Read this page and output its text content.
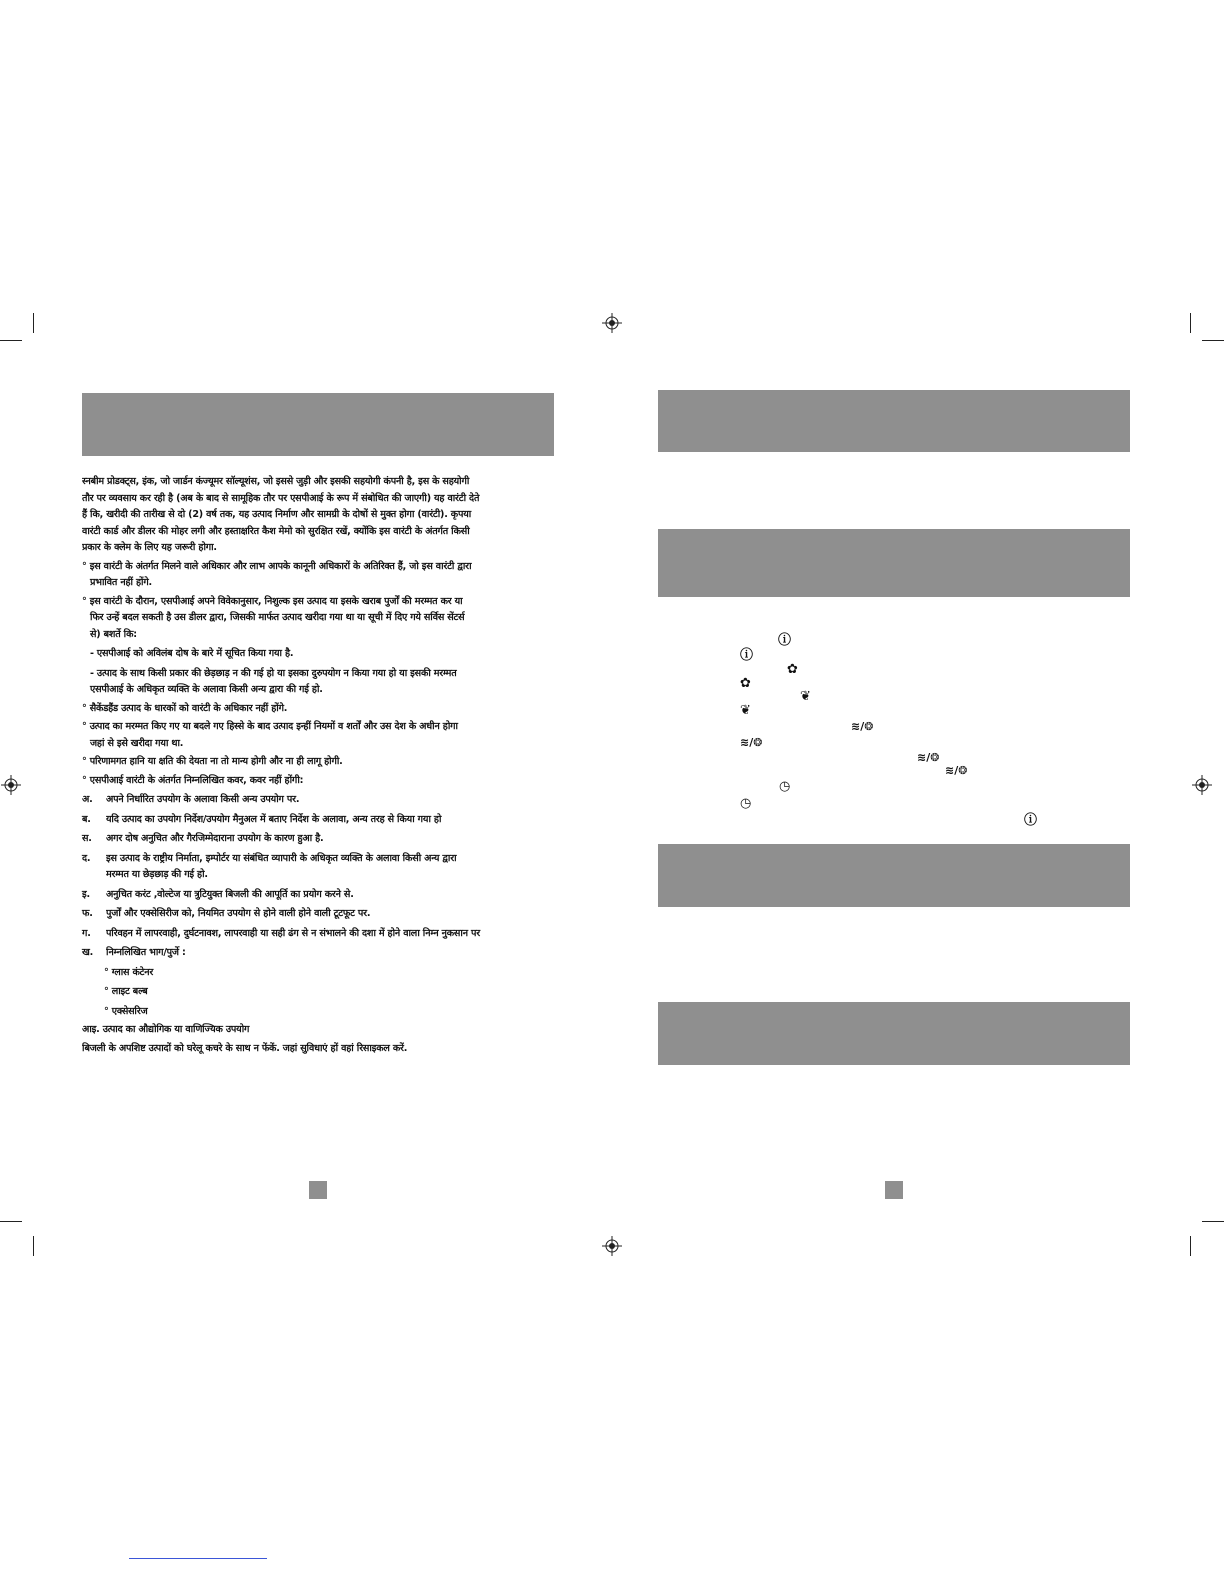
स्नबीम प्रोडक्ट्स, इंक, जो जार्डन कंज्यूमर सॉल्यूशंस, जो इससे जुड़ी और इसकी सहयोगी कंपनी है, इस के सहयोगी

तौर पर व्यवसाय कर रही है (अब के बाद से सामूहिक तौर पर एसपीआई के रूप में संबोधित की जाएगी) यह वारंटी देते

हैं कि, खरीदी की तारीख से दो (2) वर्ष तक, यह उत्पाद निर्माण और सामग्री के दोषों से मुक्त होगा (वारंटी). कृपया

वारंटी कार्ड और डीलर की मोहर लगी और हस्ताक्षरित कैश मेमो को सुरक्षित रखें, क्योंकि इस वारंटी के अंतर्गत किसी

प्रकार के क्लेम के लिए यह जरूरी होगा.

° इस वारंटी के अंतर्गत मिलने वाले अधिकार और लाभ आपके कानूनी अधिकारों के अतिरिक्त हैं, जो इस वारंटी द्वारा

प्रभावित नहीं होंगे.

° इस वारंटी के दौरान, एसपीआई अपने विवेकानुसार, निशुल्क इस उत्पाद या इसके खराब पुर्जों की मरम्मत कर या

फिर उन्हें बदल सकती है उस डीलर द्वारा, जिसकी मार्फत उत्पाद खरीदा गया था या सूची में दिए गये सर्विस सेंटर्स

से) बशर्ते कि:

- एसपीआई को अविलंब दोष के बारे में सूचित किया गया है.

- उत्पाद के साथ किसी प्रकार की छेड़छाड़ न की गई हो या इसका दुरुपयोग न किया गया हो या इसकी मरम्मत

एसपीआई के अधिकृत व्यक्ति के अलावा किसी अन्य द्वारा की गई हो.

° सैकेंडहैंड उत्पाद के धारकों को वारंटी के अधिकार नहीं होंगे.

° उत्पाद का मरम्मत किए गए या बदले गए हिस्से के बाद उत्पाद इन्हीं नियमों व शर्तों और उस देश के अधीन होगा

जहां से इसे खरीदा गया था.

° परिणामगत हानि या क्षति की देयता ना तो मान्य होगी और ना ही लागू होगी.

° एसपीआई वारंटी के अंतर्गत निम्नलिखित कवर, कवर नहीं होंगी:

अ. अपने निर्धारित उपयोग के अलावा किसी अन्य उपयोग पर.

ब. यदि उत्पाद का उपयोग निर्देश/उपयोग मैनुअल में बताए निर्देश के अलावा, अन्य तरह से किया गया हो

स. अगर दोष अनुचित और गैरजिम्मेदाराना उपयोग के कारण हुआ है.

द. इस उत्पाद के राष्ट्रीय निर्माता, इम्पोर्टर या संबंधित व्यापारी के अधिकृत व्यक्ति के अलावा किसी अन्य द्वारा

मरम्मत या छेड़छाड़ की गई हो.

इ. अनुचित करंट ,वोल्टेज या त्रुटियुक्त बिजली की आपूर्ति का प्रयोग करने से.

फ. पुर्जों और एक्सेसिरीज को, नियमित उपयोग से होने वाली होने वाली टूटफूट पर.

ग. परिवहन में लापरवाही, दुर्घटनावश, लापरवाही या सही ढंग से न संभालने की दशा में होने वाला निम्न नुकसान पर

ख. निम्नलिखित भाग/पुर्जे :

° ग्लास कंटेनर

° लाइट बल्ब

° एक्सेसरिज

आइ. उत्पाद का औद्योगिक या वाणिज्यिक उपयोग

बिजली के अपशिष्ट उत्पादों को घरेलू कचरे के साथ न फेंकें. जहां सुविधाएं हों वहां रिसाइकल करें.

ⓘ
ⓘ
✿
✿
❦
❦
≋/❂
≋/❂
≋/❂
≋/❂
◷
◷
ⓘ
